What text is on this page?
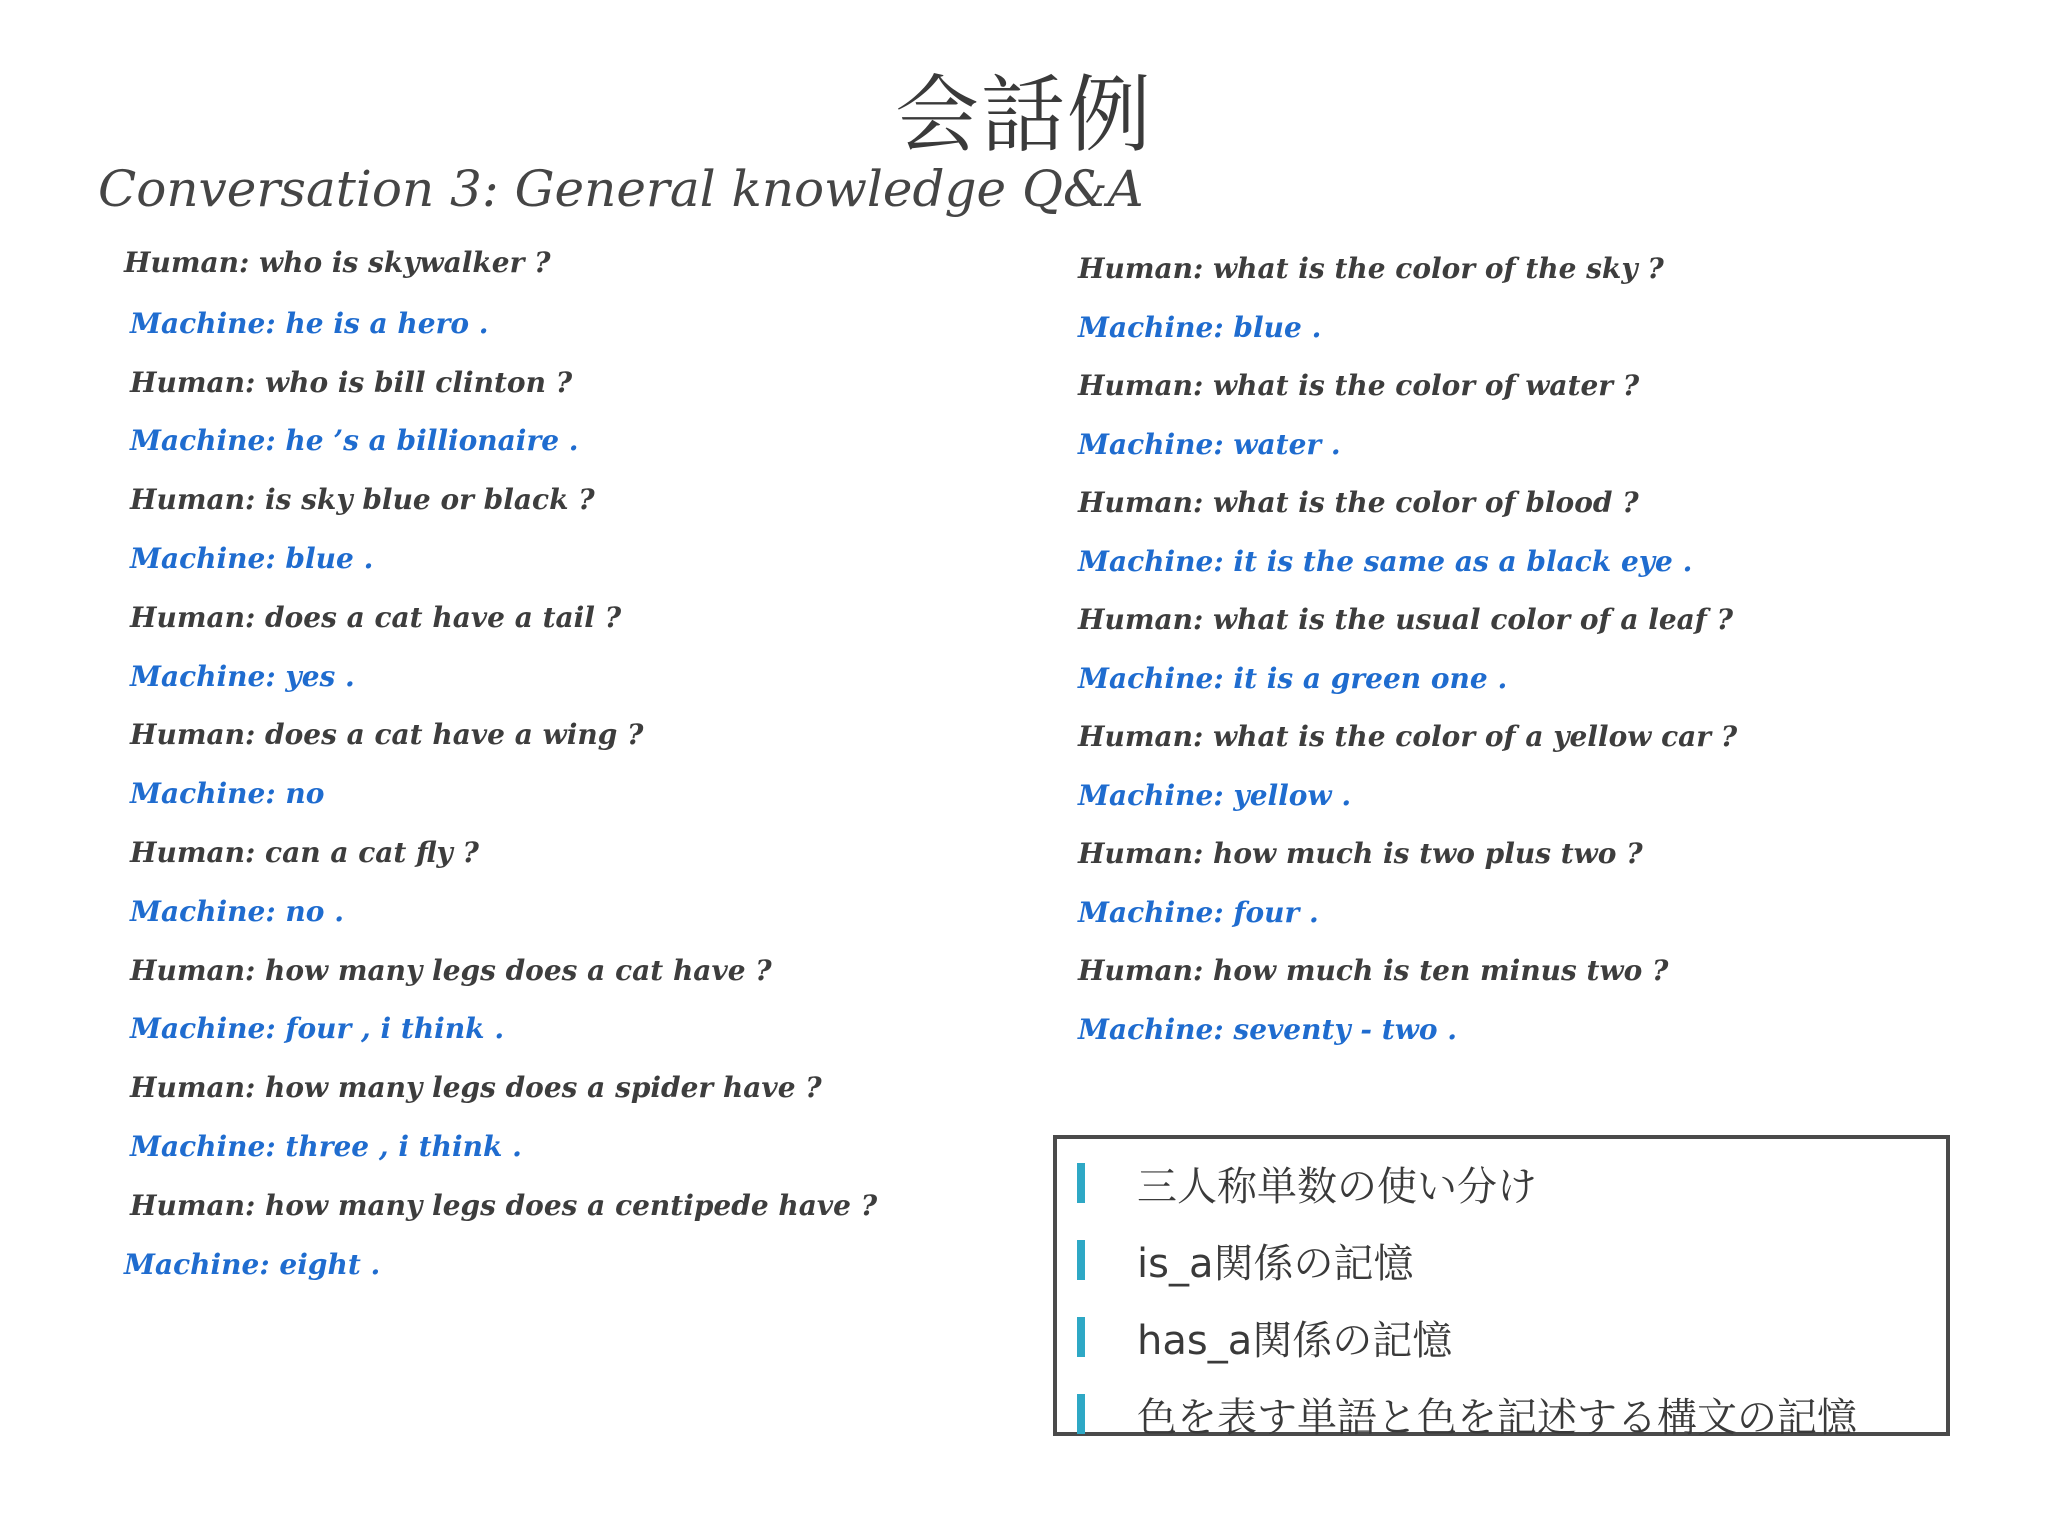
会話例
Conversation 3: General knowledge Q&A
Human: who is skywalker ?
Machine: he is a hero .
Human: who is bill clinton ?
Machine: he ’s a billionaire .
Human: is sky blue or black ?
Machine: blue .
Human: does a cat have a tail ?
Machine: yes .
Human: does a cat have a wing ?
Machine: no
Human: can a cat fly ?
Machine: no .
Human: how many legs does a cat have ?
Machine: four , i think .
Human: how many legs does a spider have ?
Machine: three , i think .
Human: how many legs does a centipede have ?
Machine: eight .
Human: what is the color of the sky ?
Machine: blue .
Human: what is the color of water ?
Machine: water .
Human: what is the color of blood ?
Machine: it is the same as a black eye .
Human: what is the usual color of a leaf ?
Machine: it is a green one .
Human: what is the color of a yellow car ?
Machine: yellow .
Human: how much is two plus two ?
Machine: four .
Human: how much is ten minus two ?
Machine: seventy - two .
三人称単数の使い分け
is_a関係の記憶
has_a関係の記憶
色を表す単語と色を記述する構文の記憶
